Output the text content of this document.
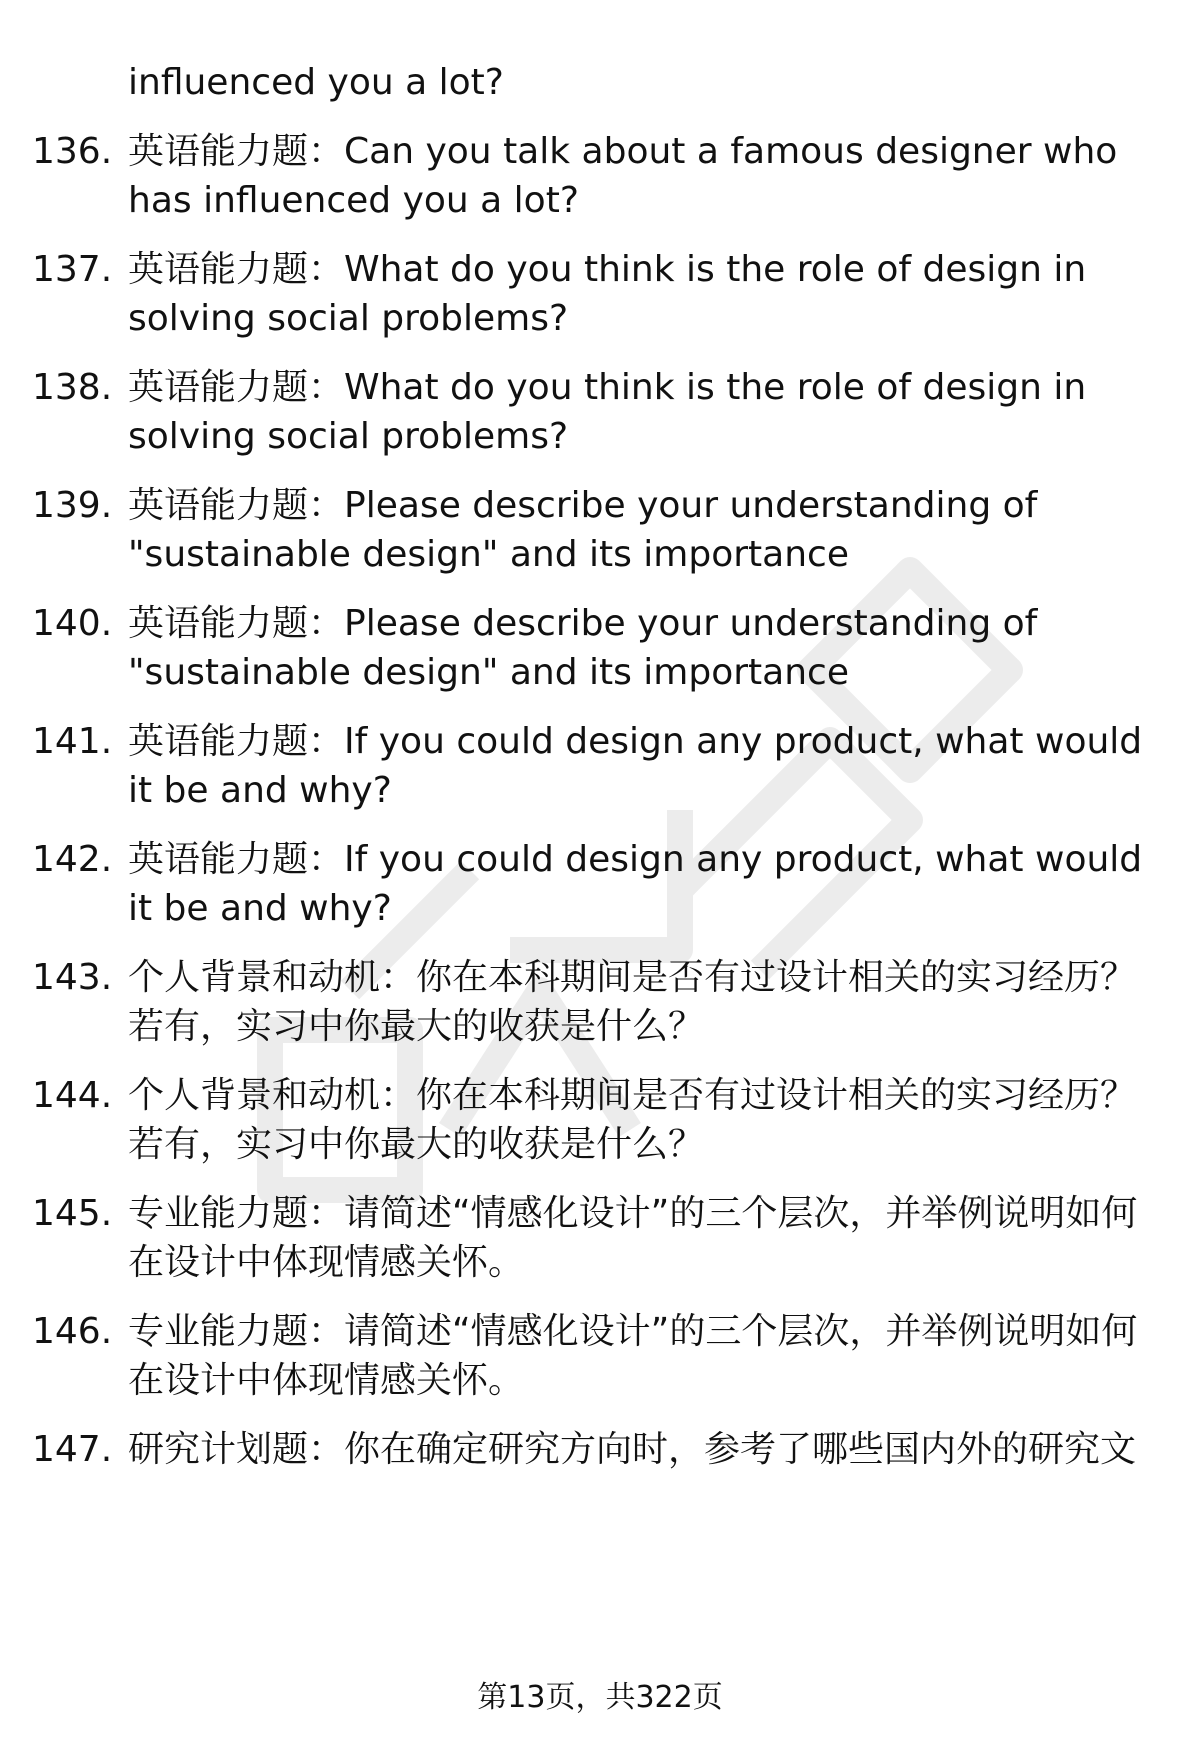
influenced you a lot?
136. 英语能力题：Can you talk about a famous designer who has influenced you a lot?
137. 英语能力题：What do you think is the role of design in solving social problems?
138. 英语能力题：What do you think is the role of design in solving social problems?
139. 英语能力题：Please describe your understanding of "sustainable design" and its importance
140. 英语能力题：Please describe your understanding of "sustainable design" and its importance
141. 英语能力题：If you could design any product, what would it be and why?
142. 英语能力题：If you could design any product, what would it be and why?
143. 个人背景和动机：你在本科期间是否有过设计相关的实习经历？若有，实习中你最大的收获是什么？
144. 个人背景和动机：你在本科期间是否有过设计相关的实习经历？若有，实习中你最大的收获是什么？
145. 专业能力题：请简述“情感化设计”的三个层次，并举例说明如何在设计中体现情感关怀。
146. 专业能力题：请简述“情感化设计”的三个层次，并举例说明如何在设计中体现情感关怀。
147. 研究计划题：你在确定研究方向时，参考了哪些国内外的研究文
第13页，共322页
